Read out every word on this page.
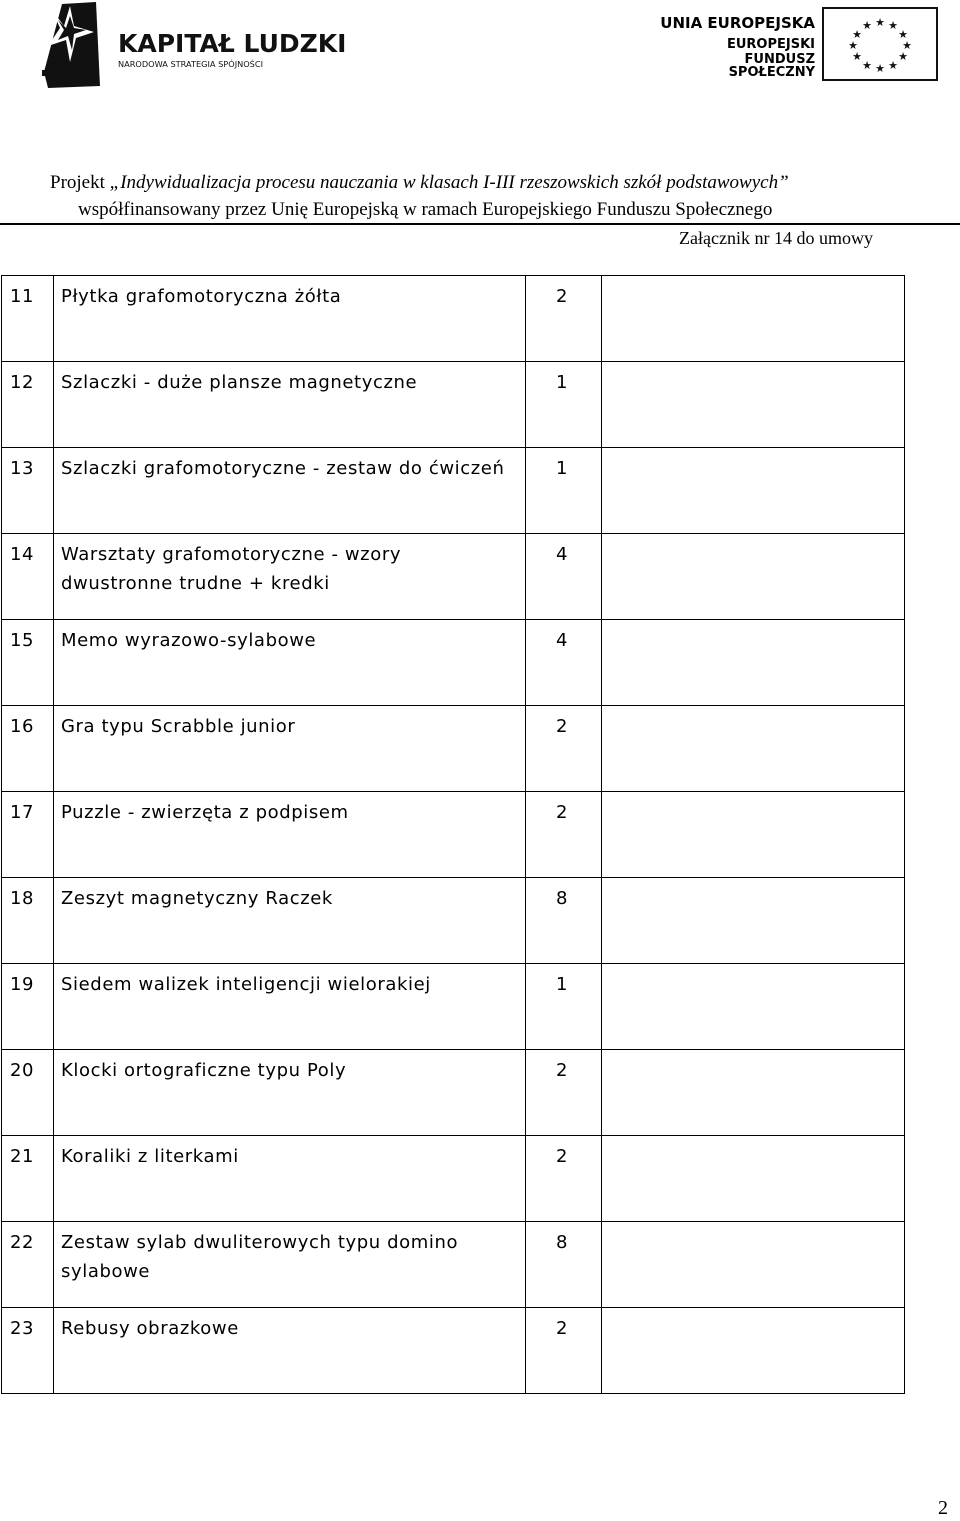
KAPITAŁ LUDZKI
NARODOWA STRATEGIA SPÓJNOŚCI
UNIA EUROPEJSKA
EUROPEJSKI
FUNDUSZ SPOŁECZNY
★ ★
★
★
★
★
★
★
★
★
★
★
Projekt „Indywidualizacja procesu nauczania w klasach I-III rzeszowskich szkół podstawowych”
współfinansowany przez Unię Europejską w ramach Europejskiego Funduszu Społecznego
Załącznik nr 14 do umowy
11	Płytka grafomotoryczna żółta	2	
12	Szlaczki - duże plansze magnetyczne	1	
13	Szlaczki grafomotoryczne - zestaw do ćwiczeń	1	
14	Warsztaty grafomotoryczne - wzory dwustronne trudne + kredki	4	
15	Memo wyrazowo-sylabowe	4	
16	Gra typu Scrabble junior	2	
17	Puzzle - zwierzęta z podpisem	2	
18	Zeszyt magnetyczny Raczek	8	
19	Siedem walizek inteligencji wielorakiej	1	
20	Klocki ortograficzne typu Poly	2	
21	Koraliki z literkami	2	
22	Zestaw sylab dwuliterowych typu domino sylabowe	8	
23	Rebusy obrazkowe	2	
2
